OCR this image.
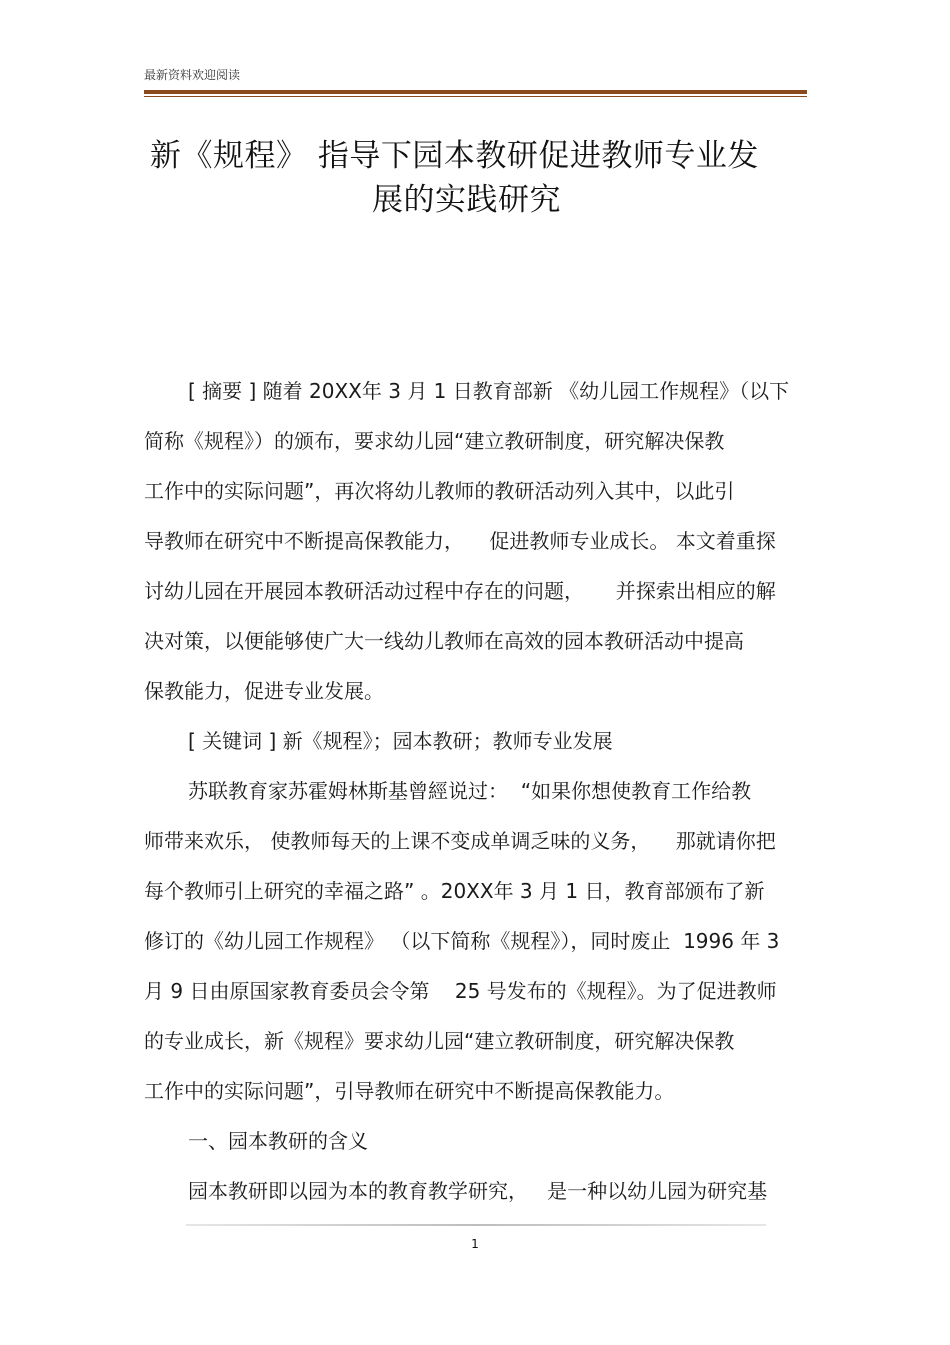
最新资料欢迎阅读
新《规程》 指导下园本教研促进教师专业发
展的实践研究
[ 摘要 ] 随着 20XX年 3 月 1 日教育部新 《幼儿园工作规程》（以下
简称《规程》）的颁布，要求幼儿园“建立教研制度，研究解决保教
工作中的实际问题”，再次将幼儿教师的教研活动列入其中，以此引
导教师在研究中不断提高保教能力，    促进教师专业成长。 本文着重探
讨幼儿园在开展园本教研活动过程中存在的问题，     并探索出相应的解
决对策，以便能够使广大一线幼儿教师在高效的园本教研活动中提高
保教能力，促进专业发展。
[ 关键词 ] 新《规程》；园本教研；教师专业发展
苏联教育家苏霍姆林斯基曾經说过：  “如果你想使教育工作给教
师带来欢乐， 使教师每天的上课不变成单调乏味的义务，    那就请你把
每个教师引上研究的幸福之路” 。20XX年 3 月 1 日，教育部颁布了新
修订的《幼儿园工作规程》 （以下简称《规程》），同时废止  1996 年 3
月 9 日由原国家教育委员会令第    25 号发布的《规程》。为了促进教师
的专业成长，新《规程》要求幼儿园“建立教研制度，研究解决保教
工作中的实际问题”，引导教师在研究中不断提高保教能力。
一、园本教研的含义
园本教研即以园为本的教育教学研究，   是一种以幼儿园为研究基
1
